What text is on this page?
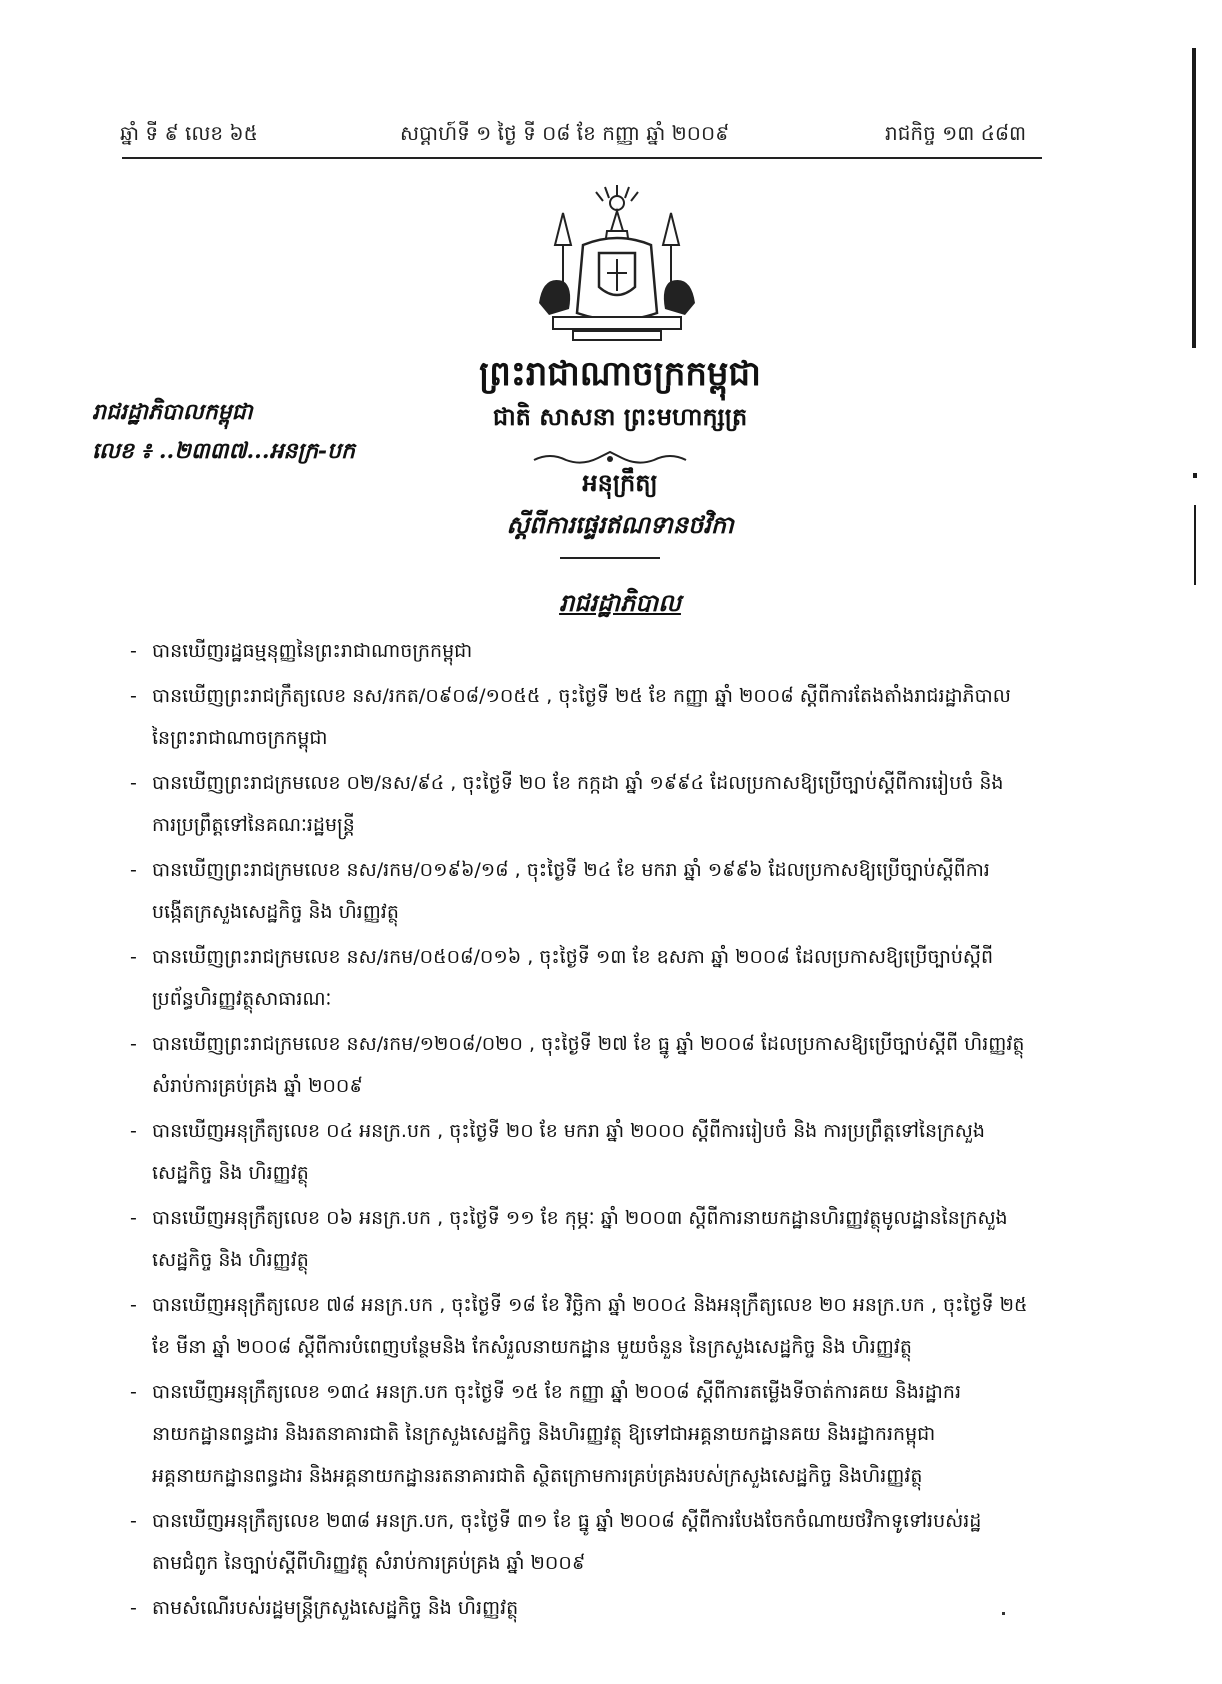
ឆ្នាំ ទី ៩ លេខ ៦៥	សប្តាហ៍ទី ១ ថ្ងៃ ទី ០៨ ខែ កញ្ញា ឆ្នាំ ២០០៩	រាជកិច្ច ១៣ ៤៨៣
ព្រះរាជាណាចក្រកម្ពុជា
ជាតិ សាសនា ព្រះមហាក្សត្រ
រាជរដ្ឋាភិបាលកម្ពុជា
លេខ ៖ ..២៣៣៧...អនក្រ-បក
អនុក្រឹត្យ
ស្តីពីការផ្ទេរឥណទានថវិកា
រាជរដ្ឋាភិបាល
- បានឃើញរដ្ឋធម្មនុញ្ញនៃព្រះរាជាណាចក្រកម្ពុជា
- បានឃើញព្រះរាជក្រឹត្យលេខ នស/រកត/០៩០៨/១០៥៥ , ចុះថ្ងៃទី ២៥ ខែ កញ្ញា ឆ្នាំ ២០០៨ ស្តីពីការតែងតាំងរាជរដ្ឋាភិបាល
នៃព្រះរាជាណាចក្រកម្ពុជា
- បានឃើញព្រះរាជក្រមលេខ ០២/នស/៩៤ , ចុះថ្ងៃទី ២០ ខែ កក្កដា ឆ្នាំ ១៩៩៤ ដែលប្រកាសឱ្យប្រើច្បាប់ស្តីពីការរៀបចំ និង
ការប្រព្រឹត្តទៅនៃគណៈរដ្ឋមន្ត្រី
- បានឃើញព្រះរាជក្រមលេខ នស/រកម/០១៩៦/១៨ , ចុះថ្ងៃទី ២៤ ខែ មករា ឆ្នាំ ១៩៩៦ ដែលប្រកាសឱ្យប្រើច្បាប់ស្តីពីការ
បង្កើតក្រសួងសេដ្ឋកិច្ច និង ហិរញ្ញវត្ថុ
- បានឃើញព្រះរាជក្រមលេខ នស/រកម/០៥០៨/០១៦ , ចុះថ្ងៃទី ១៣ ខែ ឧសភា ឆ្នាំ ២០០៨ ដែលប្រកាសឱ្យប្រើច្បាប់ស្តីពី
ប្រព័ន្ធហិរញ្ញវត្ថុសាធារណៈ
- បានឃើញព្រះរាជក្រមលេខ នស/រកម/១២០៨/០២០ , ចុះថ្ងៃទី ២៧ ខែ ធ្នូ ឆ្នាំ ២០០៨ ដែលប្រកាសឱ្យប្រើច្បាប់ស្តីពី ហិរញ្ញវត្ថុ
សំរាប់ការគ្រប់គ្រង ឆ្នាំ ២០០៩
- បានឃើញអនុក្រឹត្យលេខ ០៤ អនក្រ.បក , ចុះថ្ងៃទី ២០ ខែ មករា ឆ្នាំ ២០០០ ស្តីពីការរៀបចំ និង ការប្រព្រឹត្តទៅនៃក្រសួង
សេដ្ឋកិច្ច និង ហិរញ្ញវត្ថុ
- បានឃើញអនុក្រឹត្យលេខ ០៦ អនក្រ.បក , ចុះថ្ងៃទី ១១ ខែ កុម្ភៈ ឆ្នាំ ២០០៣ ស្តីពីការនាយកដ្ឋានហិរញ្ញវត្ថុមូលដ្ឋាននៃក្រសួង
សេដ្ឋកិច្ច និង ហិរញ្ញវត្ថុ
- បានឃើញអនុក្រឹត្យលេខ ៧៨ អនក្រ.បក , ចុះថ្ងៃទី ១៨ ខែ វិច្ឆិកា ឆ្នាំ ២០០៤ និងអនុក្រឹត្យលេខ ២០ អនក្រ.បក , ចុះថ្ងៃទី ២៥
ខែ មីនា ឆ្នាំ ២០០៨ ស្តីពីការបំពេញបន្ថែមនិង កែសំរួលនាយកដ្ឋាន មួយចំនួន នៃក្រសួងសេដ្ឋកិច្ច និង ហិរញ្ញវត្ថុ
- បានឃើញអនុក្រឹត្យលេខ ១៣៤ អនក្រ.បក ចុះថ្ងៃទី ១៥ ខែ កញ្ញា ឆ្នាំ ២០០៨ ស្តីពីការតម្លើងទីចាត់ការគយ និងរដ្ឋាករ
នាយកដ្ឋានពន្ធដារ និងរតនាគារជាតិ នៃក្រសួងសេដ្ឋកិច្ច និងហិរញ្ញវត្ថុ ឱ្យទៅជាអគ្គនាយកដ្ឋានគយ និងរដ្ឋាករកម្ពុជា
អគ្គនាយកដ្ឋានពន្ធដារ និងអគ្គនាយកដ្ឋានរតនាគារជាតិ ស្ថិតក្រោមការគ្រប់គ្រងរបស់ក្រសួងសេដ្ឋកិច្ច និងហិរញ្ញវត្ថុ
- បានឃើញអនុក្រឹត្យលេខ ២៣៨ អនក្រ.បក, ចុះថ្ងៃទី ៣១ ខែ ធ្នូ ឆ្នាំ ២០០៨ ស្តីពីការបែងចែកចំណាយថវិកាទូទៅរបស់រដ្ឋ
តាមជំពូក នៃច្បាប់ស្តីពីហិរញ្ញវត្ថុ សំរាប់ការគ្រប់គ្រង ឆ្នាំ ២០០៩
- តាមសំណើរបស់រដ្ឋមន្ត្រីក្រសួងសេដ្ឋកិច្ច និង ហិរញ្ញវត្ថុ
